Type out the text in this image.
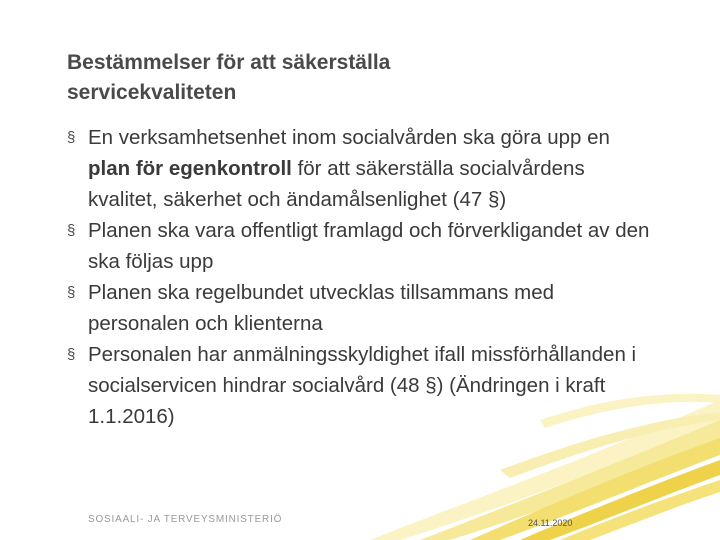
Bestämmelser för att säkerställa
servicekvaliteten
§ En verksamhetsenhet inom socialvården ska göra upp en plan för egenkontroll för att säkerställa socialvårdens kvalitet, säkerhet och ändamålsenlighet (47 §)
§ Planen ska vara offentligt framlagd och förverkligandet av den ska följas upp
§ Planen ska regelbundet utvecklas tillsammans med personalen och klienterna
§ Personalen har anmälningsskyldighet ifall missförhållanden i socialservicen hindrar socialvård (48 §) (Ändringen i kraft 1.1.2016)
SOSIAALI- JA TERVEYSMINISTERIÖ	24.11.2020
